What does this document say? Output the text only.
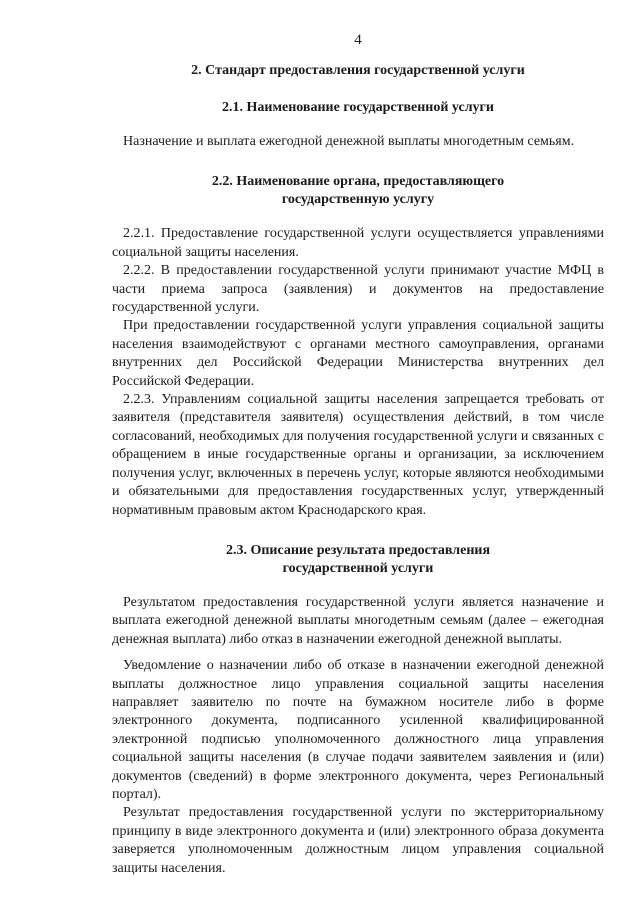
4
2. Стандарт предоставления государственной услуги
2.1. Наименование государственной услуги

Назначение и выплата ежегодной денежной выплаты многодетным семьям.

2.2. Наименование органа, предоставляющего
государственную услугу

2.2.1. Предоставление государственной услуги осуществляется управлениями социальной защиты населения.

2.2.2. В предоставлении государственной услуги принимают участие МФЦ в части приема запроса (заявления) и документов на предоставление государственной услуги.

При предоставлении государственной услуги управления социальной защиты населения взаимодействуют с органами местного самоуправления, органами внутренних дел Российской Федерации Министерства внутренних дел Российской Федерации.

2.2.3. Управлениям социальной защиты населения запрещается требовать от заявителя (представителя заявителя) осуществления действий, в том числе согласований, необходимых для получения государственной услуги и связанных с обращением в иные государственные органы и организации, за исключением получения услуг, включенных в перечень услуг, которые являются необходимыми и обязательными для предоставления государственных услуг, утвержденный нормативным правовым актом Краснодарского края.

2.3. Описание результата предоставления
государственной услуги

Результатом предоставления государственной услуги является назначение и выплата ежегодной денежной выплаты многодетным семьям (далее – ежегодная денежная выплата) либо отказ в назначении ежегодной денежной выплаты.

Уведомление о назначении либо об отказе в назначении ежегодной денежной выплаты должностное лицо управления социальной защиты населения направляет заявителю по почте на бумажном носителе либо в форме электронного документа, подписанного усиленной квалифицированной электронной подписью уполномоченного должностного лица управления социальной защиты населения (в случае подачи заявителем заявления и (или) документов (сведений) в форме электронного документа, через Региональный портал).

Результат предоставления государственной услуги по экстерриториальному принципу в виде электронного документа и (или) электронного образа документа заверяется уполномоченным должностным лицом управления социальной защиты населения.
